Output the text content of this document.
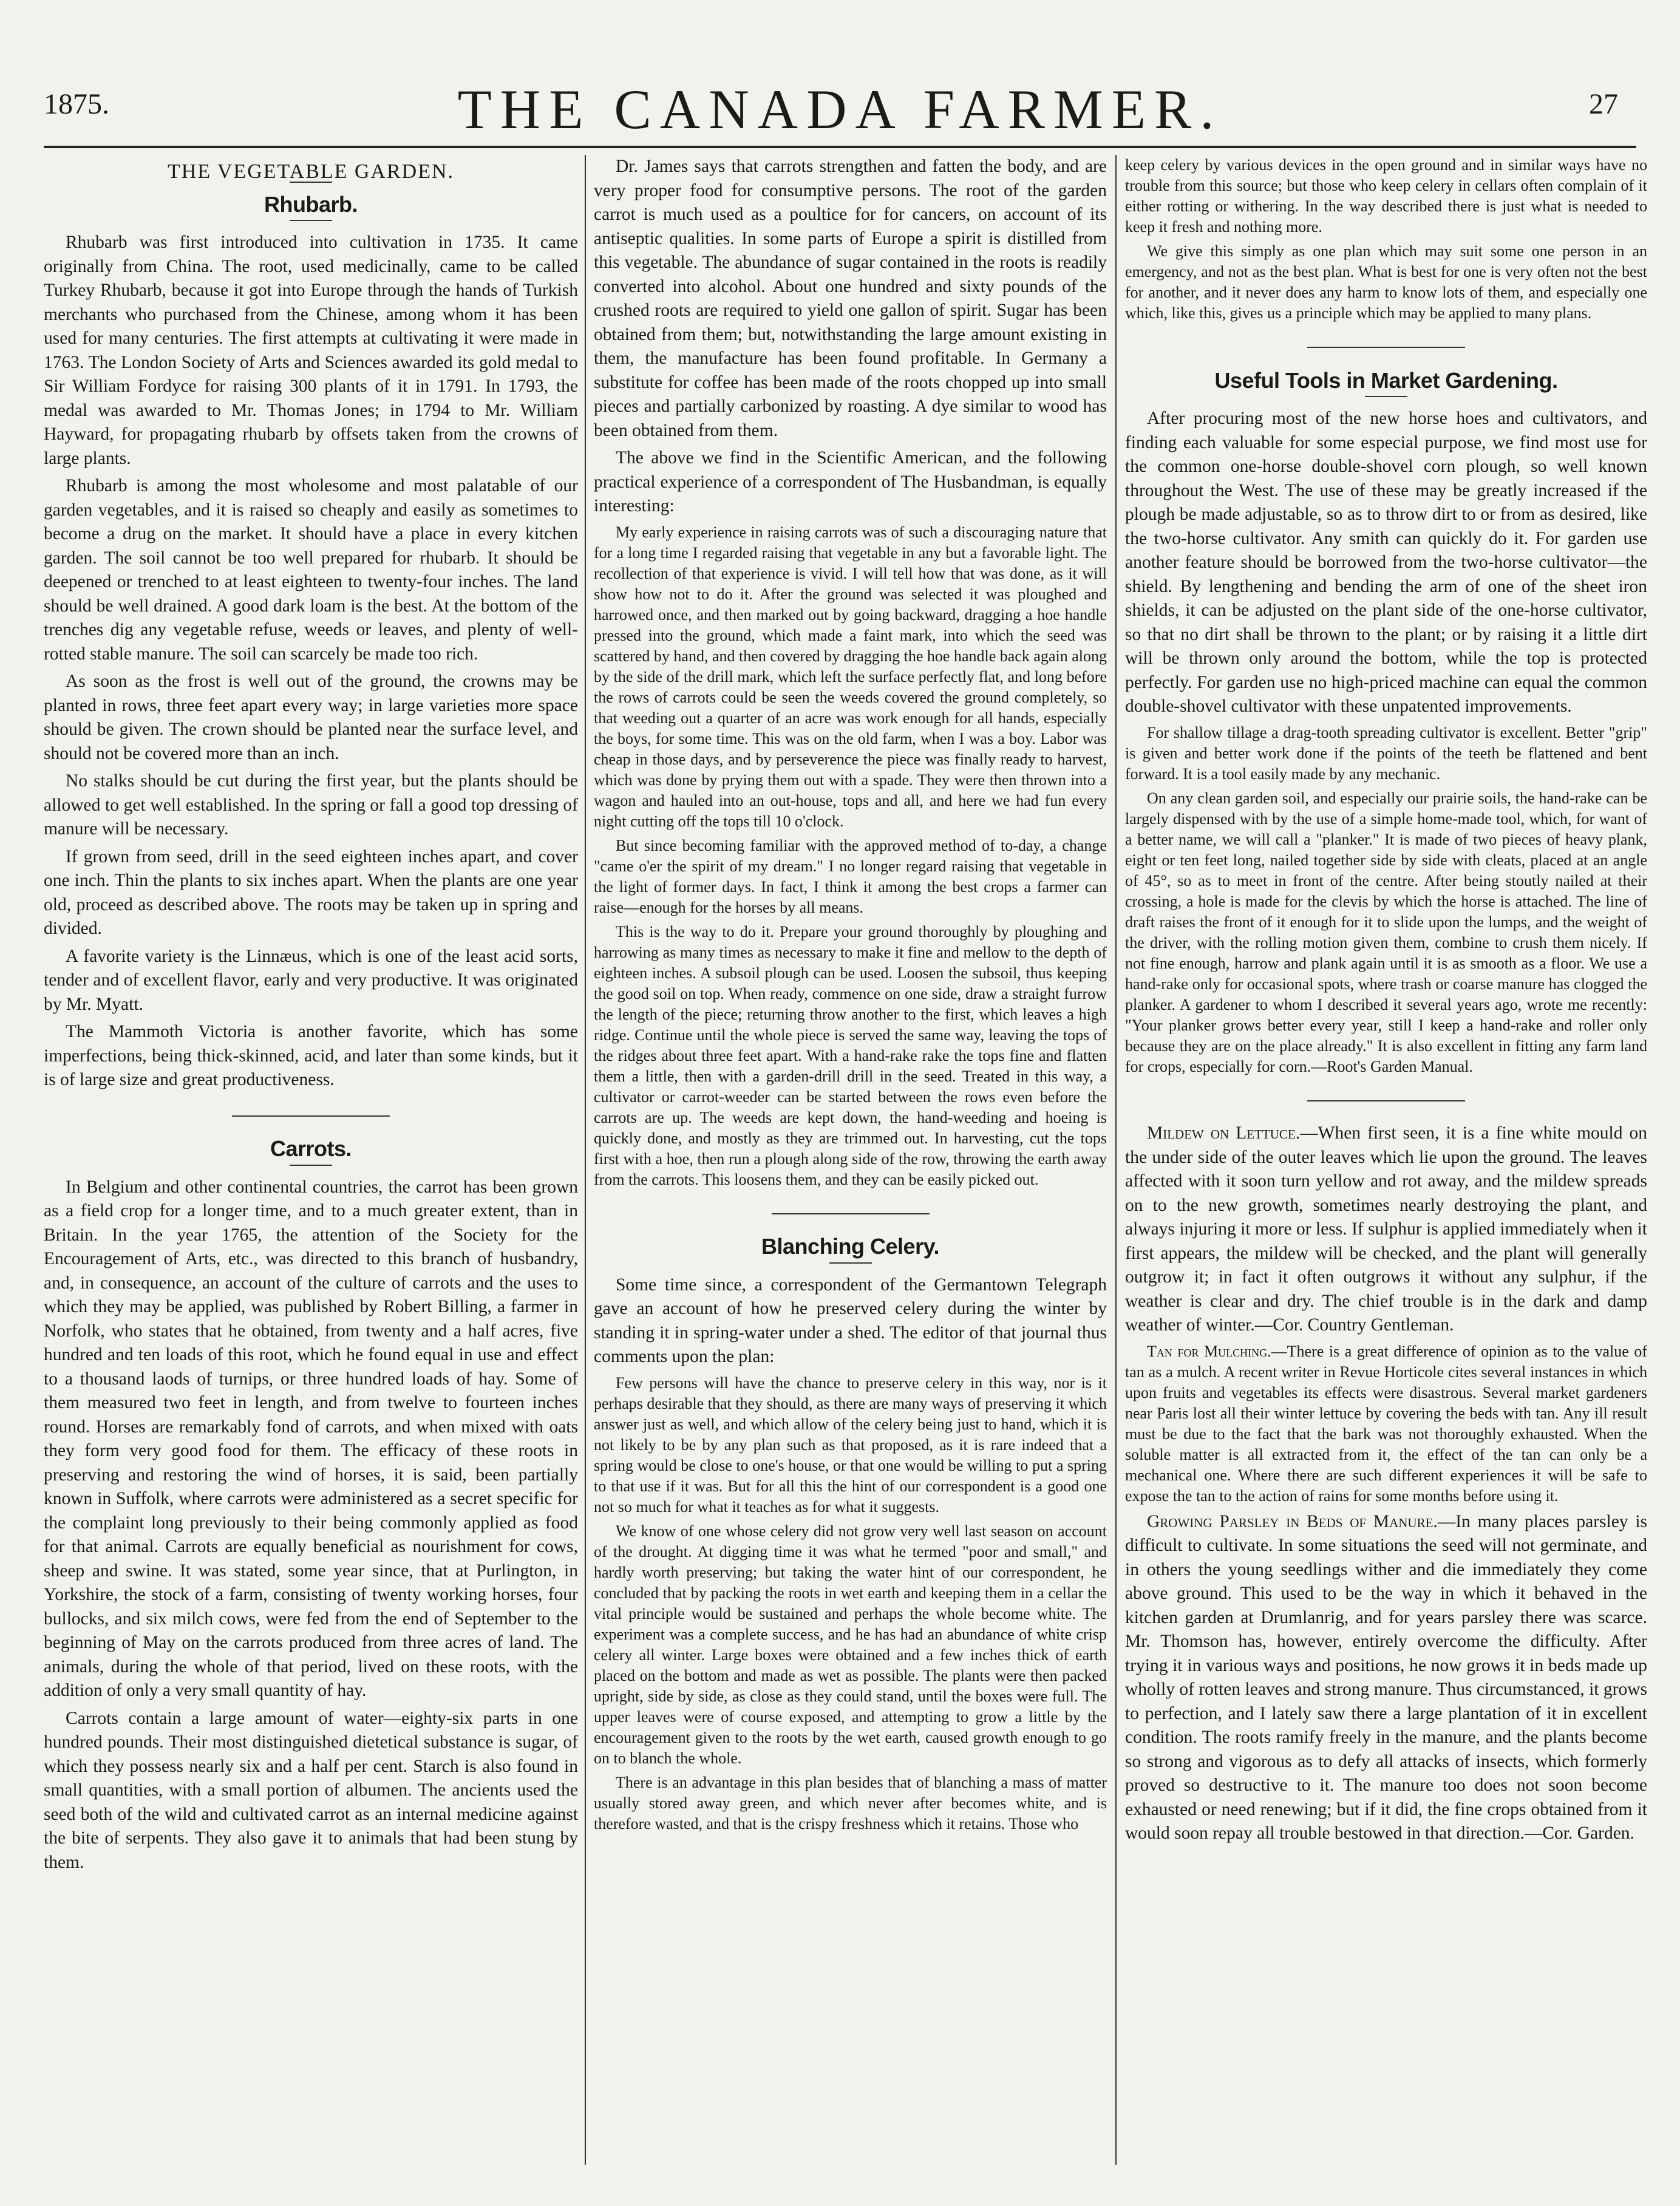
1875.	THE CANADA FARMER.	27
THE VEGETABLE GARDEN.
Rhubarb.

Rhubarb was first introduced into cultivation in 1735. It came originally from China. The root, used medicinally, came to be called Turkey Rhubarb, because it got into Europe through the hands of Turkish merchants who purchased from the Chinese, among whom it has been used for many centuries. The first attempts at cultivating it were made in 1763. The London Society of Arts and Sciences awarded its gold medal to Sir William Fordyce for raising 300 plants of it in 1791. In 1793, the medal was awarded to Mr. Thomas Jones; in 1794 to Mr. William Hayward, for propagating rhubarb by offsets taken from the crowns of large plants.

Rhubarb is among the most wholesome and most palatable of our garden vegetables, and it is raised so cheaply and easily as sometimes to become a drug on the market. It should have a place in every kitchen garden. The soil cannot be too well prepared for rhubarb. It should be deepened or trenched to at least eighteen to twenty-four inches. The land should be well drained. A good dark loam is the best. At the bottom of the trenches dig any vegetable refuse, weeds or leaves, and plenty of well-rotted stable manure. The soil can scarcely be made too rich.

As soon as the frost is well out of the ground, the crowns may be planted in rows, three feet apart every way; in large varieties more space should be given. The crown should be planted near the surface level, and should not be covered more than an inch.

No stalks should be cut during the first year, but the plants should be allowed to get well established. In the spring or fall a good top dressing of manure will be necessary.

If grown from seed, drill in the seed eighteen inches apart, and cover one inch. Thin the plants to six inches apart. When the plants are one year old, proceed as described above. The roots may be taken up in spring and divided.

A favorite variety is the Linnæus, which is one of the least acid sorts, tender and of excellent flavor, early and very productive. It was originated by Mr. Myatt.

The Mammoth Victoria is another favorite, which has some imperfections, being thick-skinned, acid, and later than some kinds, but it is of large size and great productiveness.

Carrots.

In Belgium and other continental countries, the carrot has been grown as a field crop for a longer time, and to a much greater extent, than in Britain. In the year 1765, the attention of the Society for the Encouragement of Arts, etc., was directed to this branch of husbandry, and, in consequence, an account of the culture of carrots and the uses to which they may be applied, was published by Robert Billing, a farmer in Norfolk, who states that he obtained, from twenty and a half acres, five hundred and ten loads of this root, which he found equal in use and effect to a thousand laods of turnips, or three hundred loads of hay. Some of them measured two feet in length, and from twelve to fourteen inches round. Horses are remarkably fond of carrots, and when mixed with oats they form very good food for them. The efficacy of these roots in preserving and restoring the wind of horses, it is said, been partially known in Suffolk, where carrots were administered as a secret specific for the complaint long previously to their being commonly applied as food for that animal. Carrots are equally beneficial as nourishment for cows, sheep and swine. It was stated, some year since, that at Purlington, in Yorkshire, the stock of a farm, consisting of twenty working horses, four bullocks, and six milch cows, were fed from the end of September to the beginning of May on the carrots produced from three acres of land. The animals, during the whole of that period, lived on these roots, with the addition of only a very small quantity of hay.

Carrots contain a large amount of water—eighty-six parts in one hundred pounds. Their most distinguished dietetical substance is sugar, of which they possess nearly six and a half per cent. Starch is also found in small quantities, with a small portion of albumen. The ancients used the seed both of the wild and cultivated carrot as an internal medicine against the bite of serpents. They also gave it to animals that had been stung by them.

Dr. James says that carrots strengthen and fatten the body, and are very proper food for consumptive persons. The root of the garden carrot is much used as a poultice for for cancers, on account of its antiseptic qualities. In some parts of Europe a spirit is distilled from this vegetable. The abundance of sugar contained in the roots is readily converted into alcohol. About one hundred and sixty pounds of the crushed roots are required to yield one gallon of spirit. Sugar has been obtained from them; but, notwithstanding the large amount existing in them, the manufacture has been found profitable. In Germany a substitute for coffee has been made of the roots chopped up into small pieces and partially carbonized by roasting. A dye similar to wood has been obtained from them.

The above we find in the Scientific American, and the following practical experience of a correspondent of The Husbandman, is equally interesting:

My early experience in raising carrots was of such a discouraging nature that for a long time I regarded raising that vegetable in any but a favorable light. The recollection of that experience is vivid. I will tell how that was done, as it will show how not to do it. After the ground was selected it was ploughed and harrowed once, and then marked out by going backward, dragging a hoe handle pressed into the ground, which made a faint mark, into which the seed was scattered by hand, and then covered by dragging the hoe handle back again along by the side of the drill mark, which left the surface perfectly flat, and long before the rows of carrots could be seen the weeds covered the ground completely, so that weeding out a quarter of an acre was work enough for all hands, especially the boys, for some time. This was on the old farm, when I was a boy. Labor was cheap in those days, and by perseverence the piece was finally ready to harvest, which was done by prying them out with a spade. They were then thrown into a wagon and hauled into an out-house, tops and all, and here we had fun every night cutting off the tops till 10 o'clock.

But since becoming familiar with the approved method of to-day, a change "came o'er the spirit of my dream." I no longer regard raising that vegetable in the light of former days. In fact, I think it among the best crops a farmer can raise—enough for the horses by all means.

This is the way to do it. Prepare your ground thoroughly by ploughing and harrowing as many times as necessary to make it fine and mellow to the depth of eighteen inches. A subsoil plough can be used. Loosen the subsoil, thus keeping the good soil on top. When ready, commence on one side, draw a straight furrow the length of the piece; returning throw another to the first, which leaves a high ridge. Continue until the whole piece is served the same way, leaving the tops of the ridges about three feet apart. With a hand-rake rake the tops fine and flatten them a little, then with a garden-drill drill in the seed. Treated in this way, a cultivator or carrot-weeder can be started between the rows even before the carrots are up. The weeds are kept down, the hand-weeding and hoeing is quickly done, and mostly as they are trimmed out. In harvesting, cut the tops first with a hoe, then run a plough along side of the row, throwing the earth away from the carrots. This loosens them, and they can be easily picked out.

Blanching Celery.

Some time since, a correspondent of the Germantown Telegraph gave an account of how he preserved celery during the winter by standing it in spring-water under a shed. The editor of that journal thus comments upon the plan:

Few persons will have the chance to preserve celery in this way, nor is it perhaps desirable that they should, as there are many ways of preserving it which answer just as well, and which allow of the celery being just to hand, which it is not likely to be by any plan such as that proposed, as it is rare indeed that a spring would be close to one's house, or that one would be willing to put a spring to that use if it was. But for all this the hint of our correspondent is a good one not so much for what it teaches as for what it suggests.

We know of one whose celery did not grow very well last season on account of the drought. At digging time it was what he termed "poor and small," and hardly worth preserving; but taking the water hint of our correspondent, he concluded that by packing the roots in wet earth and keeping them in a cellar the vital principle would be sustained and perhaps the whole become white. The experiment was a complete success, and he has had an abundance of white crisp celery all winter. Large boxes were obtained and a few inches thick of earth placed on the bottom and made as wet as possible. The plants were then packed upright, side by side, as close as they could stand, until the boxes were full. The upper leaves were of course exposed, and attempting to grow a little by the encouragement given to the roots by the wet earth, caused growth enough to go on to blanch the whole.

There is an advantage in this plan besides that of blanching a mass of matter usually stored away green, and which never after becomes white, and is therefore wasted, and that is the crispy freshness which it retains. Those who

keep celery by various devices in the open ground and in similar ways have no trouble from this source; but those who keep celery in cellars often complain of it either rotting or withering. In the way described there is just what is needed to keep it fresh and nothing more.

We give this simply as one plan which may suit some one person in an emergency, and not as the best plan. What is best for one is very often not the best for another, and it never does any harm to know lots of them, and especially one which, like this, gives us a principle which may be applied to many plans.

Useful Tools in Market Gardening.

After procuring most of the new horse hoes and cultivators, and finding each valuable for some especial purpose, we find most use for the common one-horse double-shovel corn plough, so well known throughout the West. The use of these may be greatly increased if the plough be made adjustable, so as to throw dirt to or from as desired, like the two-horse cultivator. Any smith can quickly do it. For garden use another feature should be borrowed from the two-horse cultivator—the shield. By lengthening and bending the arm of one of the sheet iron shields, it can be adjusted on the plant side of the one-horse cultivator, so that no dirt shall be thrown to the plant; or by raising it a little dirt will be thrown only around the bottom, while the top is protected perfectly. For garden use no high-priced machine can equal the common double-shovel cultivator with these unpatented improvements.

For shallow tillage a drag-tooth spreading cultivator is excellent. Better "grip" is given and better work done if the points of the teeth be flattened and bent forward. It is a tool easily made by any mechanic.

On any clean garden soil, and especially our prairie soils, the hand-rake can be largely dispensed with by the use of a simple home-made tool, which, for want of a better name, we will call a "planker." It is made of two pieces of heavy plank, eight or ten feet long, nailed together side by side with cleats, placed at an angle of 45°, so as to meet in front of the centre. After being stoutly nailed at their crossing, a hole is made for the clevis by which the horse is attached. The line of draft raises the front of it enough for it to slide upon the lumps, and the weight of the driver, with the rolling motion given them, combine to crush them nicely. If not fine enough, harrow and plank again until it is as smooth as a floor. We use a hand-rake only for occasional spots, where trash or coarse manure has clogged the planker. A gardener to whom I described it several years ago, wrote me recently: "Your planker grows better every year, still I keep a hand-rake and roller only because they are on the place already." It is also excellent in fitting any farm land for crops, especially for corn.—Root's Garden Manual.

Mildew on Lettuce.—When first seen, it is a fine white mould on the under side of the outer leaves which lie upon the ground. The leaves affected with it soon turn yellow and rot away, and the mildew spreads on to the new growth, sometimes nearly destroying the plant, and always injuring it more or less. If sulphur is applied immediately when it first appears, the mildew will be checked, and the plant will generally outgrow it; in fact it often outgrows it without any sulphur, if the weather is clear and dry. The chief trouble is in the dark and damp weather of winter.—Cor. Country Gentleman.

Tan for Mulching.—There is a great difference of opinion as to the value of tan as a mulch. A recent writer in Revue Horticole cites several instances in which upon fruits and vegetables its effects were disastrous. Several market gardeners near Paris lost all their winter lettuce by covering the beds with tan. Any ill result must be due to the fact that the bark was not thoroughly exhausted. When the soluble matter is all extracted from it, the effect of the tan can only be a mechanical one. Where there are such different experiences it will be safe to expose the tan to the action of rains for some months before using it.

Growing Parsley in Beds of Manure.—In many places parsley is difficult to cultivate. In some situations the seed will not germinate, and in others the young seedlings wither and die immediately they come above ground. This used to be the way in which it behaved in the kitchen garden at Drumlanrig, and for years parsley there was scarce. Mr. Thomson has, however, entirely overcome the difficulty. After trying it in various ways and positions, he now grows it in beds made up wholly of rotten leaves and strong manure. Thus circumstanced, it grows to perfection, and I lately saw there a large plantation of it in excellent condition. The roots ramify freely in the manure, and the plants become so strong and vigorous as to defy all attacks of insects, which formerly proved so destructive to it. The manure too does not soon become exhausted or need renewing; but if it did, the fine crops obtained from it would soon repay all trouble bestowed in that direction.—Cor. Garden.
